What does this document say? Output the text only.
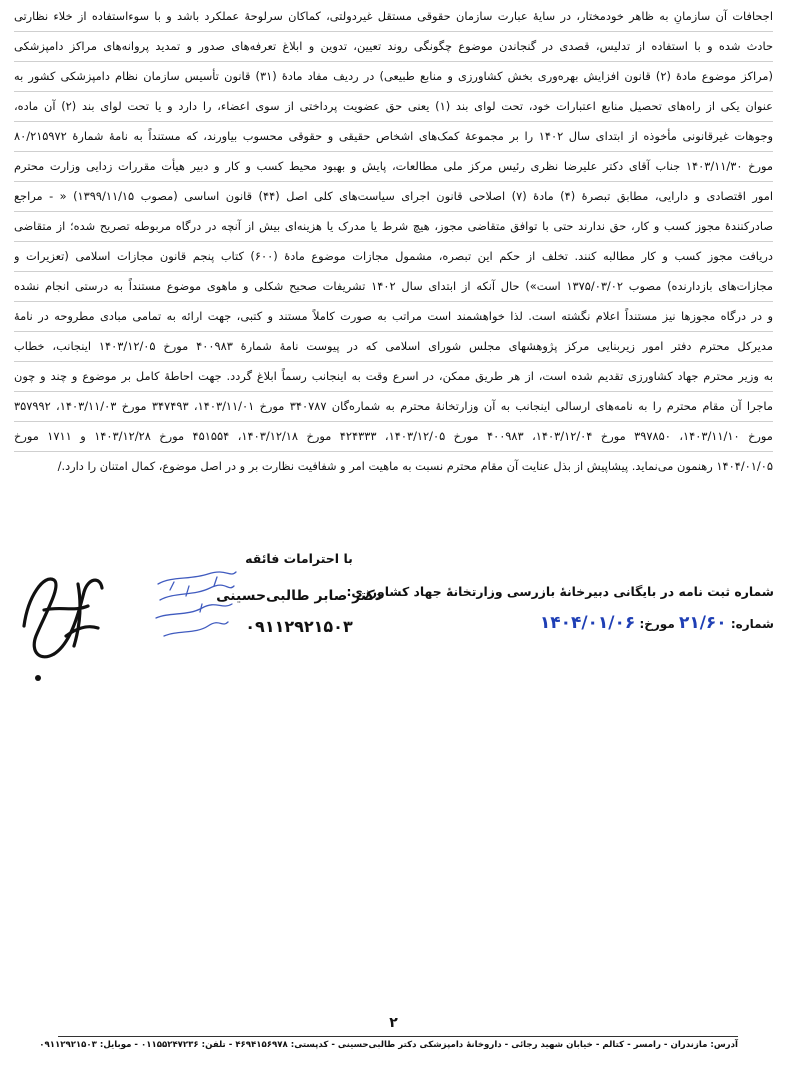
اجحافات آن سازمانِ به ظاهر خودمختار، در سایۀ عبارت سازمان حقوقی مستقل غیردولتی، کماکان سرلوحۀ عملکرد باشد و با سوءاستفاده از خلاء نظارتی
حادث شده و با استفاده از تدلیس، قصدی در گنجاندن موضوع چگونگی روند تعیین، تدوین و ابلاغ تعرفه‌های صدور و تمدید پروانه‌های مراکز دامپزشکی
(مراکز موضوع مادۀ (۲) قانون افزایش بهره‌وری بخش کشاورزی و منابع طبیعی) در ردیف مفاد مادۀ (۳۱) قانون تأسیس سازمان نظام دامپزشکی کشور به
عنوان یکی از راه‌های تحصیل منابع اعتبارات خود، تحت لوای بند (۱) یعنی حق عضویت پرداختی از سوی اعضاء، را دارد و یا تحت لوای بند (۲) آن ماده،
وجوهات غیرقانونی مأخوذه از ابتدای سال ۱۴۰۲ را بر مجموعۀ کمک‌های اشخاص حقیقی و حقوقی محسوب بیاورند، که مستنداً به نامۀ شمارۀ ۸۰/۲۱۵۹۷۲
مورخ ۱۴۰۳/۱۱/۳۰ جناب آقای دکتر علیرضا نظری رئیس مرکز ملی مطالعات، پایش و بهبود محیط کسب و کار و دبیر هیأت مقررات زدایی وزارت محترم
امور اقتصادی و دارایی، مطابق تبصرۀ (۴) مادۀ (۷) اصلاحی قانون اجرای سیاست‌های کلی اصل (۴۴) قانون اساسی (مصوب ۱۳۹۹/۱۱/۱۵) « - مراجع
صادرکنندۀ مجوز کسب و کار، حق ندارند حتی با توافق متقاضی مجوز، هیچ شرط یا مدرک یا هزینه‌ای بیش از آنچه در درگاه مربوطه تصریح شده؛ از متقاضی
دریافت مجوز کسب و کار مطالبه کنند. تخلف از حکم این تبصره، مشمول مجازات موضوع مادۀ (۶۰۰) کتاب پنجم قانون مجازات اسلامی (تعزیرات و
مجازات‌های بازدارنده) مصوب ۱۳۷۵/۰۳/۰۲ است») حال آنکه از ابتدای سال ۱۴۰۲ تشریفات صحیح شکلی و ماهوی موضوع مستنداً به درستی انجام نشده
و در درگاه مجوزها نیز مستنداً اعلام نگشته است. لذا خواهشمند است مراتب به صورت کاملاً مستند و کتبی، جهت ارائه به تمامی مبادی مطروحه در نامۀ
مدیرکل محترم دفتر امور زیربنایی مرکز پژوهشهای مجلس شورای اسلامی که در پیوست نامۀ شمارۀ ۴۰۰۹۸۳ مورخ ۱۴۰۳/۱۲/۰۵ اینجانب، خطاب
به وزیر محترم جهاد کشاورزی تقدیم شده است، از هر طریق ممکن، در اسرع وقت به اینجانب رسماً ابلاغ گردد. جهت احاطۀ کامل بر موضوع و چند و چون
ماجرا آن مقام محترم را به نامه‌های ارسالی اینجانب به آن وزارتخانۀ محترم به شماره‌گان ۳۴۰۷۸۷ مورخ ۱۴۰۳/۱۱/۰۱، ۳۴۷۴۹۳ مورخ ۱۴۰۳/۱۱/۰۳، ۳۵۷۹۹۲
مورخ ۱۴۰۳/۱۱/۱۰، ۳۹۷۸۵۰ مورخ ۱۴۰۳/۱۲/۰۴، ۴۰۰۹۸۳ مورخ ۱۴۰۳/۱۲/۰۵، ۴۲۴۳۳۳ مورخ ۱۴۰۳/۱۲/۱۸، ۴۵۱۵۵۴ مورخ ۱۴۰۳/۱۲/۲۸ و ۱۷۱۱ مورخ
۱۴۰۴/۰۱/۰۵ رهنمون می‌نماید. پیشاپیش از بذل عنایت آن مقام محترم نسبت به ماهیت امر و شفافیت نظارت بر و در اصل موضوع، کمال امتنان را دارد./
با احترامات فائقه
دکتر صابر طالبی‌حسینی
۰۹۱۱۲۹۲۱۵۰۳
شماره ثبت نامه در بایگانی دبیرخانۀ بازرسی وزارتخانۀ جهاد کشاورزی:
شماره: ۲۱/۶۰ مورخ: ۱۴۰۴/۰۱/۰۶
۲
آدرس: مازندران - رامسر - کتالم - خیابان شهید رجائی - داروخانۀ دامپزشکی دکتر طالبی‌حسینی - کدپستی: ۴۶۹۴۱۵۶۹۷۸ - تلفن: ۰۱۱۵۵۲۴۷۲۳۶ - موبایل: ۰۹۱۱۲۹۲۱۵۰۳
